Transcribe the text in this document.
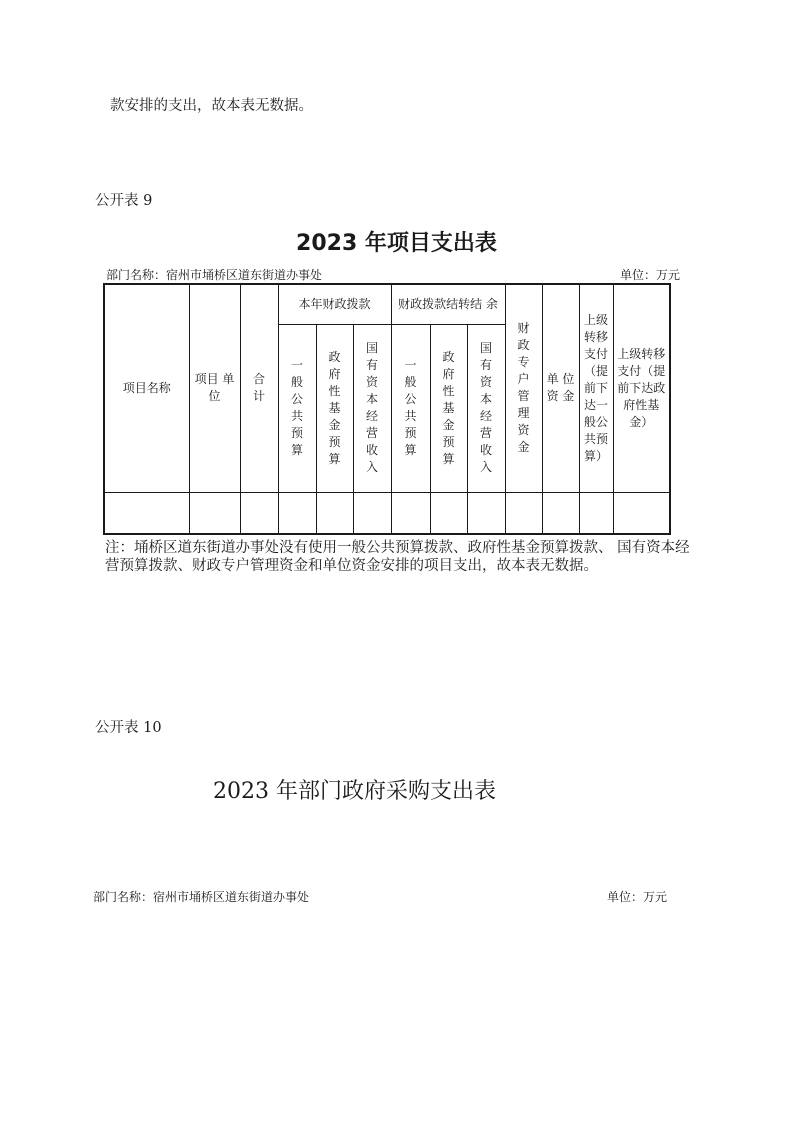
款安排的支出，故本表无数据。
公开表 9
2023 年项目支出表
部门名称：宿州市埇桥区道东街道办事处	单位：万元
项目名称	项目 单位	合计	本年财政拨款			财政拨款结转结 余			财政专户管理资金	单 位 资 金	上级转移支付（提前下达一般公共预算）	上级转移支付（提前下达政府性基金）

			一般公共预算	政府性基金预算	国有资本经营收入	一般公共预算	政府性基金预算	国有资本经营收入				

注：埇桥区道东街道办事处没有使用一般公共预算拨款、政府性基金预算拨款、 国有资本经营预算拨款、财政专户管理资金和单位资金安排的项目支出，故本表无数据。
公开表 10
2023 年部门政府采购支出表
部门名称：宿州市埇桥区道东街道办事处	单位：万元
